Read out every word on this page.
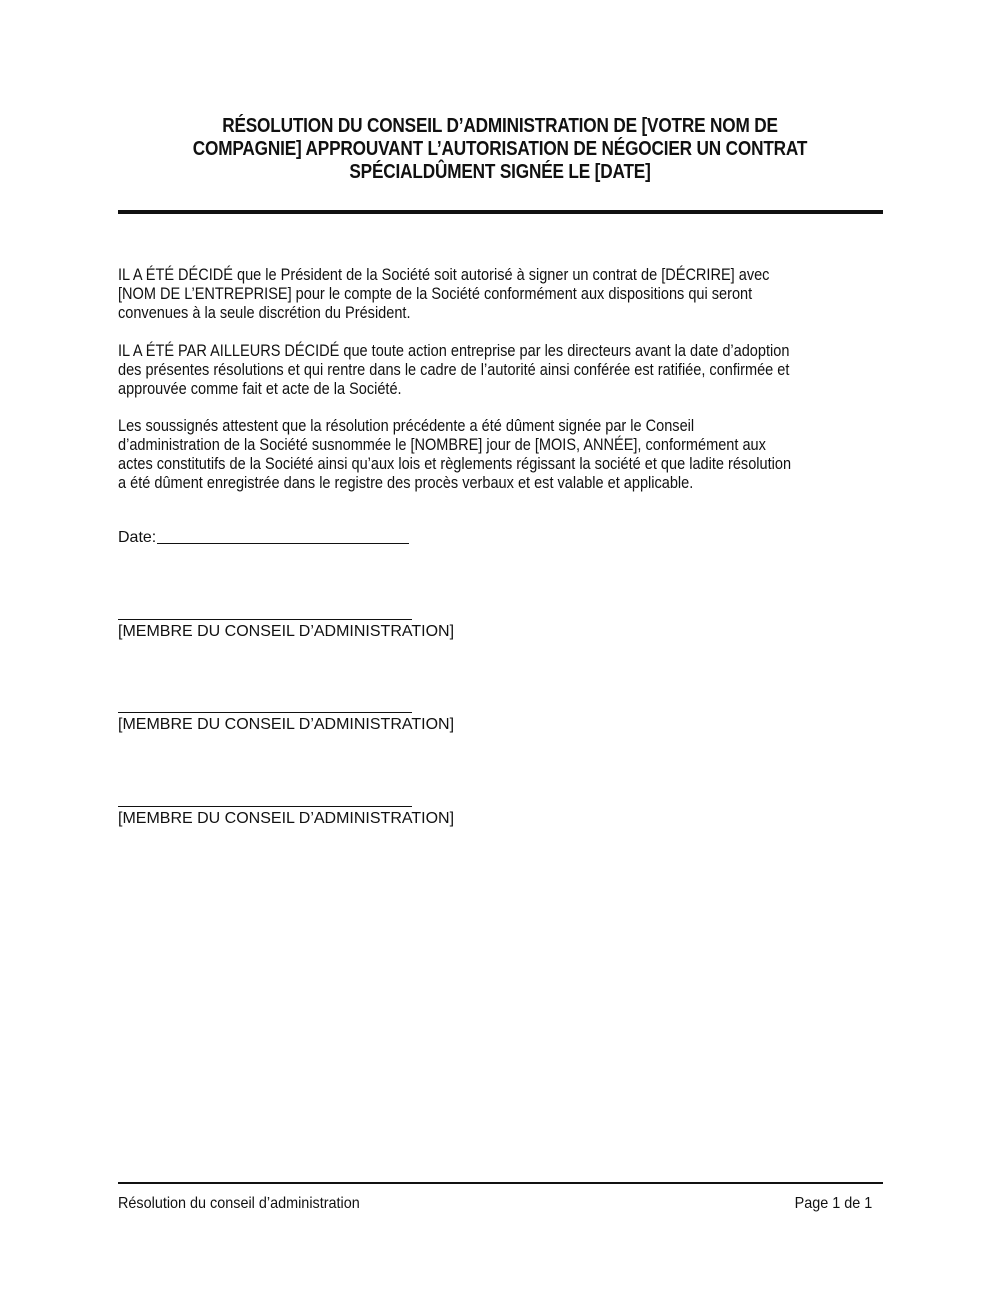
RÉSOLUTION DU CONSEIL D’ADMINISTRATION DE [VOTRE NOM DE
COMPAGNIE] APPROUVANT L’AUTORISATION DE NÉGOCIER UN CONTRAT
SPÉCIALDÛMENT SIGNÉE LE [DATE]
IL A ÉTÉ DÉCIDÉ que le Président de la Société soit autorisé à signer un contrat de [DÉCRIRE] avec
[NOM DE L’ENTREPRISE] pour le compte de la Société conformément aux dispositions qui seront
convenues à la seule discrétion du Président.
IL A ÉTÉ PAR AILLEURS DÉCIDÉ que toute action entreprise par les directeurs avant la date d’adoption
des présentes résolutions et qui rentre dans le cadre de l’autorité ainsi conférée est ratifiée, confirmée et
approuvée comme fait et acte de la Société.
Les soussignés attestent que la résolution précédente a été dûment signée par le Conseil
d’administration de la Société susnommée le [NOMBRE] jour de [MOIS, ANNÉE], conformément aux
actes constitutifs de la Société ainsi qu’aux lois et règlements régissant la société et que ladite résolution
a été dûment enregistrée dans le registre des procès verbaux et est valable et applicable.
Date:
[MEMBRE DU CONSEIL D’ADMINISTRATION]
[MEMBRE DU CONSEIL D’ADMINISTRATION]
[MEMBRE DU CONSEIL D’ADMINISTRATION]
Résolution du conseil d’administration	Page 1 de 1
